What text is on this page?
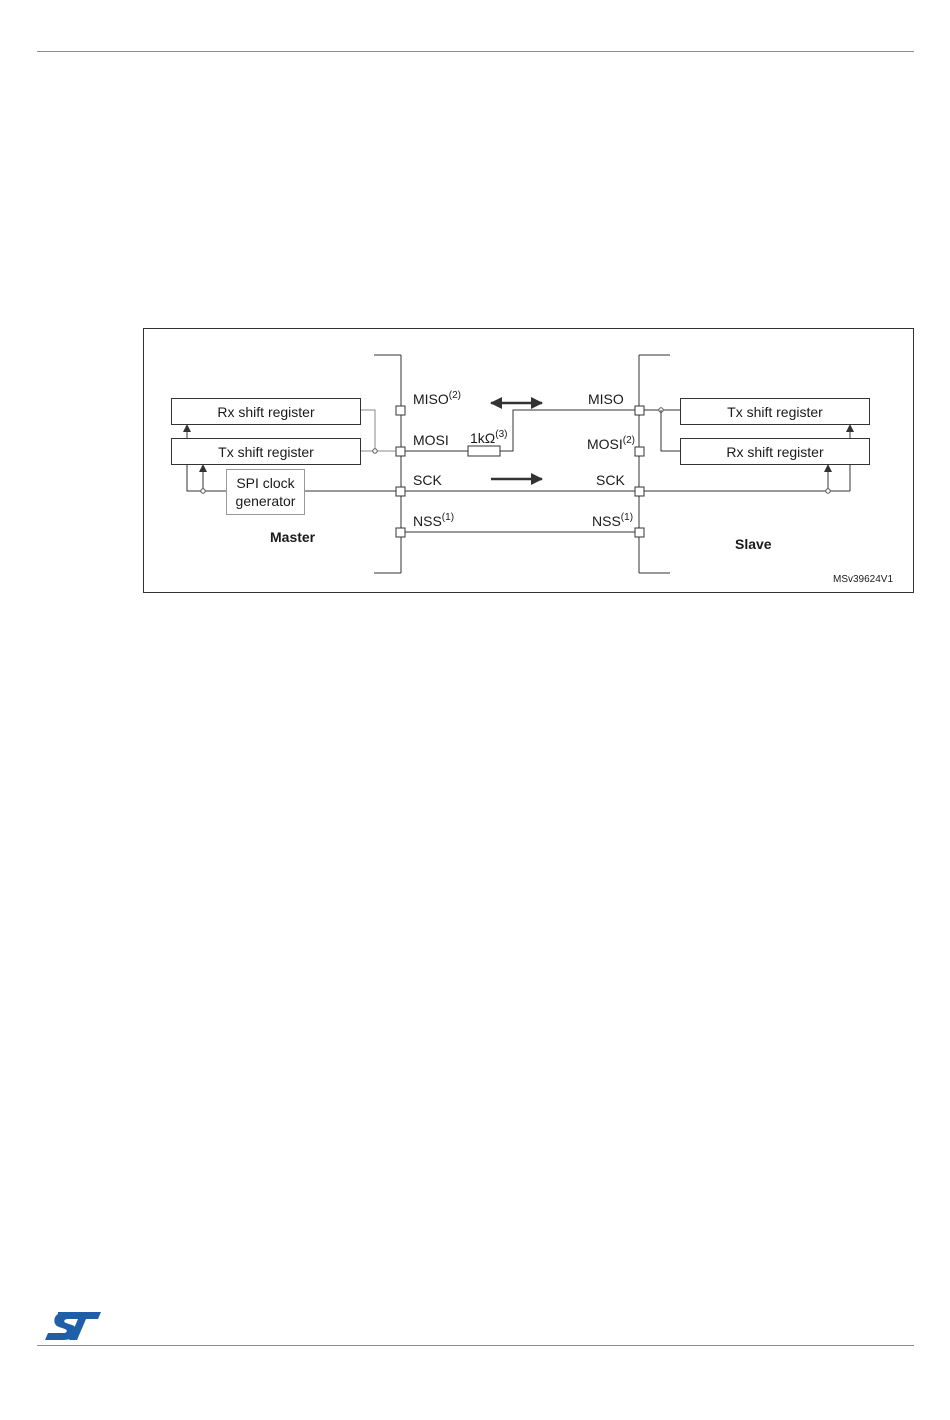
Rx shift register
Tx shift register
SPI clock
generator
Tx shift register
Rx shift register
MISO$^{(2)}$
MOSI
SCK
NSS$^{(1)}$
$1k\Omega^{(3)}$
MISO
MOSI$^{(2)}$
SCK
NSS$^{(1)}$
Master	Slave
MSv39624V1
